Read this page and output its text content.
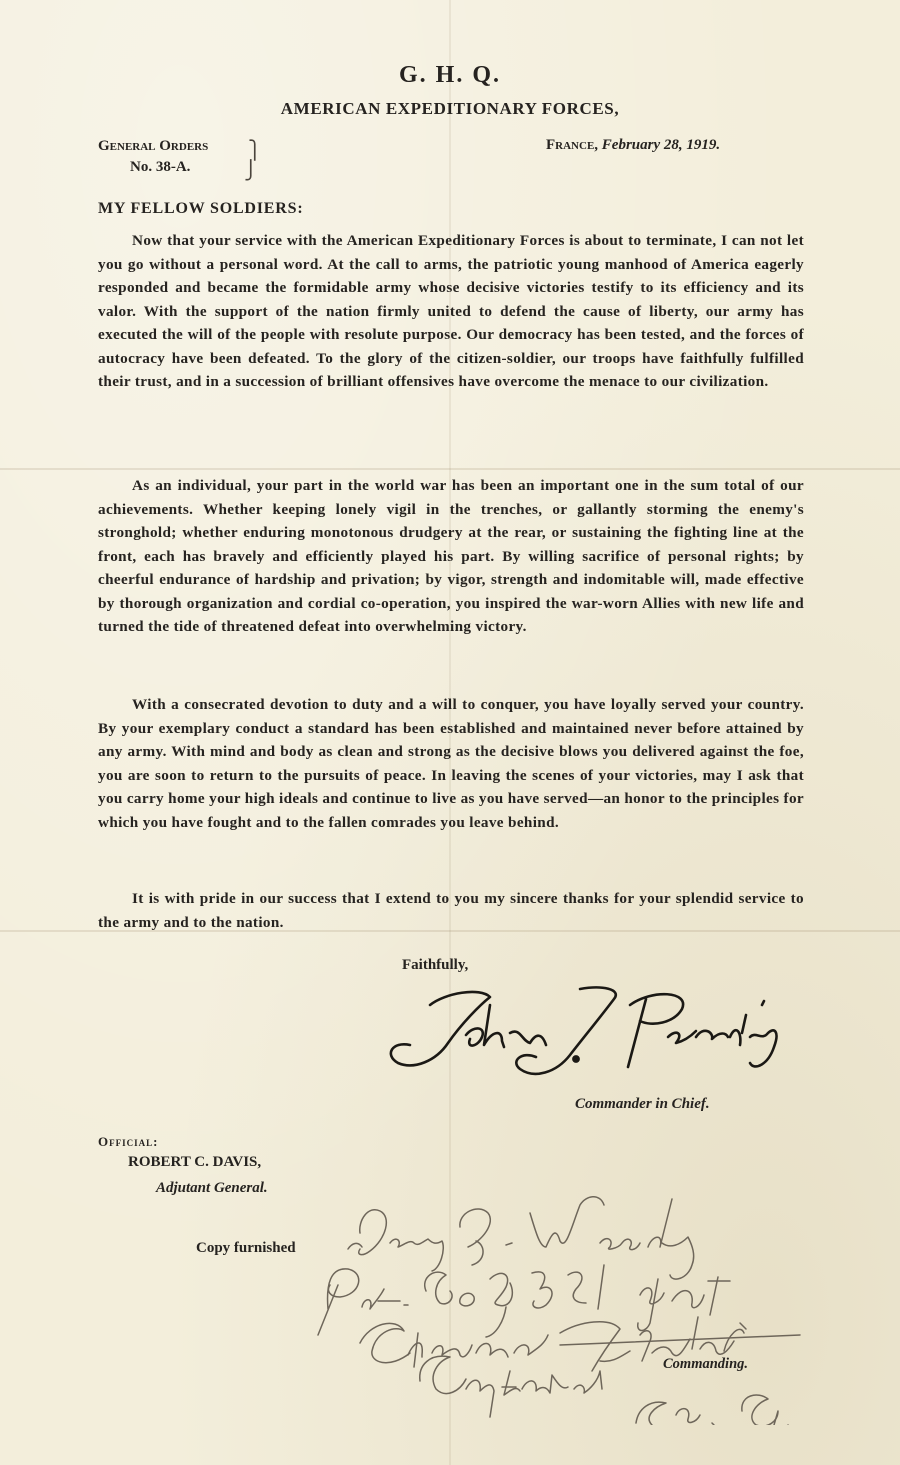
G. H. Q.
AMERICAN EXPEDITIONARY FORCES,
General Orders ⎫
No. 38-A.	⎭
France, February 28, 1919.
MY FELLOW SOLDIERS:
Now that your service with the American Expeditionary Forces is about to terminate, I can not let you go without a personal word. At the call to arms, the patriotic young manhood of America eagerly responded and became the formidable army whose decisive victories testify to its efficiency and its valor. With the support of the nation firmly united to defend the cause of liberty, our army has executed the will of the people with resolute purpose. Our democracy has been tested, and the forces of autocracy have been defeated. To the glory of the citizen-soldier, our troops have faithfully fulfilled their trust, and in a succession of brilliant offensives have overcome the menace to our civilization.
As an individual, your part in the world war has been an important one in the sum total of our achievements. Whether keeping lonely vigil in the trenches, or gallantly storming the enemy's stronghold; whether enduring monotonous drudgery at the rear, or sustaining the fighting line at the front, each has bravely and efficiently played his part. By willing sacrifice of personal rights; by cheerful endurance of hardship and privation; by vigor, strength and indomitable will, made effective by thorough organization and cordial co-operation, you inspired the war-worn Allies with new life and turned the tide of threatened defeat into overwhelming victory.
With a consecrated devotion to duty and a will to conquer, you have loyally served your country. By your exemplary conduct a standard has been established and maintained never before attained by any army. With mind and body as clean and strong as the decisive blows you delivered against the foe, you are soon to return to the pursuits of peace. In leaving the scenes of your victories, may I ask that you carry home your high ideals and continue to live as you have served—an honor to the principles for which you have fought and to the fallen comrades you leave behind.
It is with pride in our success that I extend to you my sincere thanks for your splendid service to the army and to the nation.
Faithfully,
Commander in Chief.
Official:
ROBERT C. DAVIS,
Adjutant General.
Copy furnished
Commanding.
